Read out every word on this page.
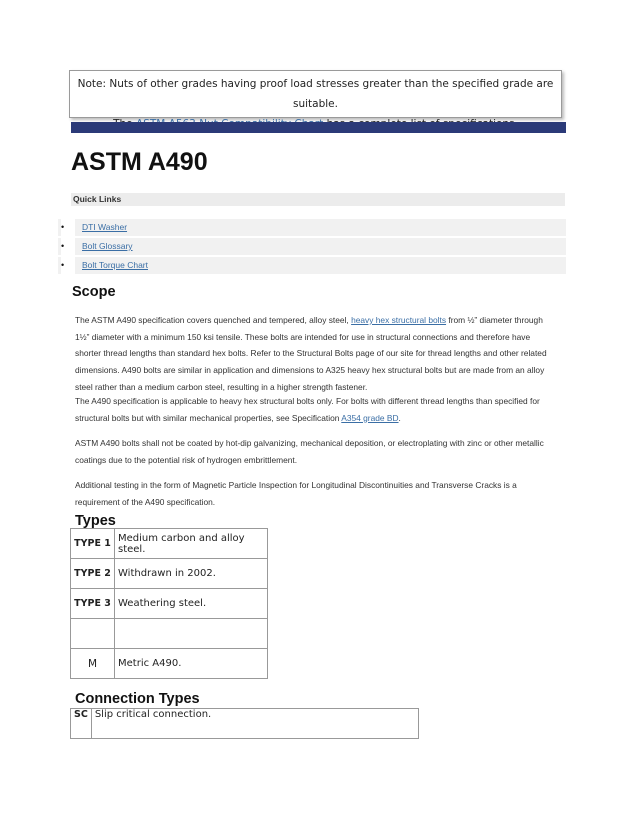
Note: Nuts of other grades having proof load stresses greater than the specified grade are suitable.
ASTM A490
Quick Links
•	DTI Washer
•	Bolt Glossary
•	Bolt Torque Chart
Scope

The ASTM A490 specification covers quenched and tempered, alloy steel, heavy hex structural bolts from ½” diameter through 1½” diameter with a minimum 150 ksi tensile. These bolts are intended for use in structural connections and therefore have shorter thread lengths than standard hex bolts. Refer to the Structural Bolts page of our site for thread lengths and other related dimensions. A490 bolts are similar in application and dimensions to A325 heavy hex structural bolts but are made from an alloy steel rather than a medium carbon steel, resulting in a higher strength fastener.

The A490 specification is applicable to heavy hex structural bolts only. For bolts with different thread lengths than specified for structural bolts but with similar mechanical properties, see Specification A354 grade BD.

ASTM A490 bolts shall not be coated by hot-dip galvanizing, mechanical deposition, or electroplating with zinc or other metallic coatings due to the potential risk of hydrogen embrittlement.

Additional testing in the form of Magnetic Particle Inspection for Longitudinal Discontinuities and Transverse Cracks is a requirement of the A490 specification.

Types
TYPE 1	Medium carbon and alloy steel.
TYPE 2	Withdrawn in 2002.
TYPE 3	Weathering steel.

M	Metric A490.
Connection Types
SC	Slip critical connection.
